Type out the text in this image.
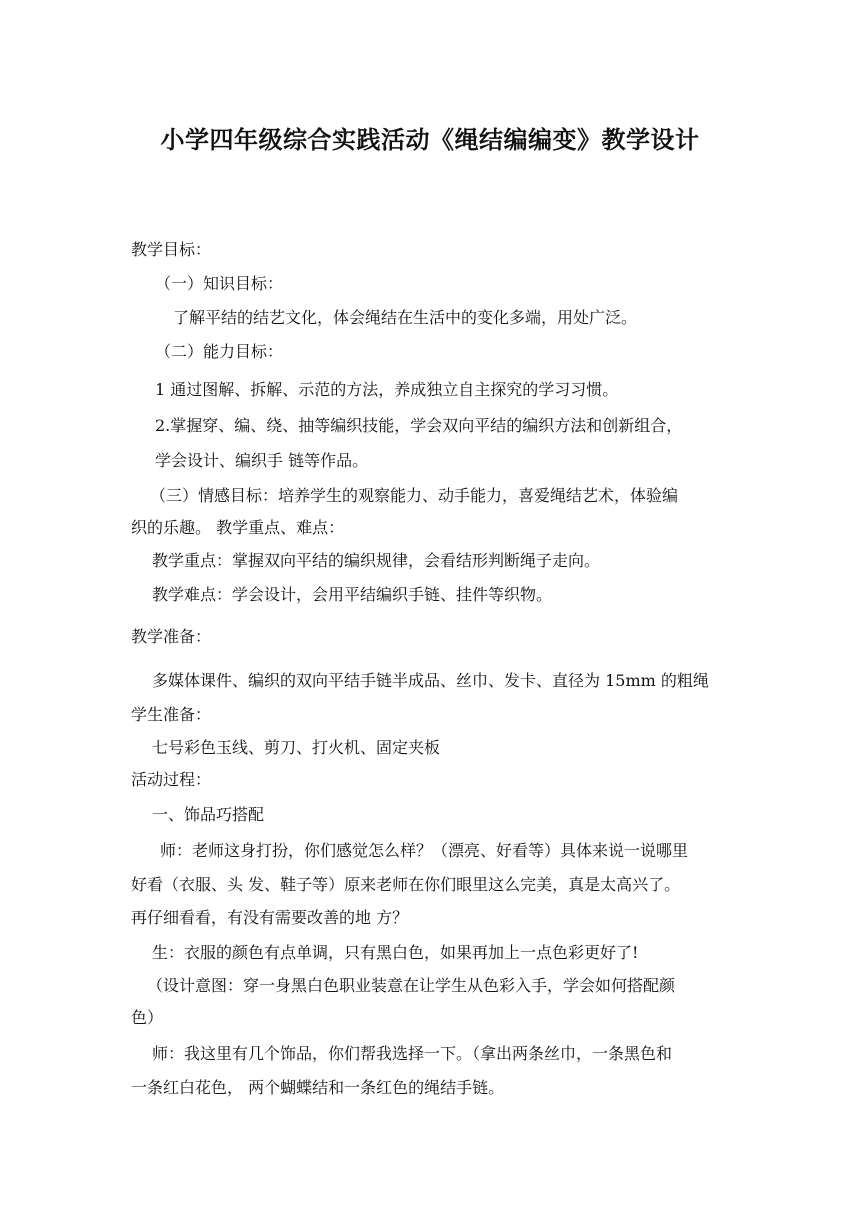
小学四年级综合实践活动《绳结编编变》教学设计
教学目标：
（一）知识目标：
了解平结的结艺文化，体会绳结在生活中的变化多端，用处广泛。
（二）能力目标：
1 通过图解、拆解、示范的方法，养成独立自主探究的学习习惯。
2.掌握穿、编、绕、抽等编织技能，学会双向平结的编织方法和创新组合，
学会设计、编织手 链等作品。
（三）情感目标：培养学生的观察能力、动手能力，喜爱绳结艺术，体验编
织的乐趣。 教学重点、难点：
教学重点：掌握双向平结的编织规律，会看结形判断绳子走向。
教学难点：学会设计，会用平结编织手链、挂件等织物。
教学准备：
多媒体课件、编织的双向平结手链半成品、丝巾、发卡、直径为 15mm 的粗绳
学生准备：
七号彩色玉线、剪刀、打火机、固定夹板
活动过程：
一、饰品巧搭配
师：老师这身打扮，你们感觉怎么样？（漂亮、好看等）具体来说一说哪里
好看（衣服、头 发、鞋子等）原来老师在你们眼里这么完美，真是太高兴了。
再仔细看看，有没有需要改善的地 方？
生：衣服的颜色有点单调，只有黑白色，如果再加上一点色彩更好了!
（设计意图：穿一身黑白色职业装意在让学生从色彩入手，学会如何搭配颜
色）
师：我这里有几个饰品，你们帮我选择一下。（拿出两条丝巾，一条黑色和
一条红白花色， 两个蝴蝶结和一条红色的绳结手链。
